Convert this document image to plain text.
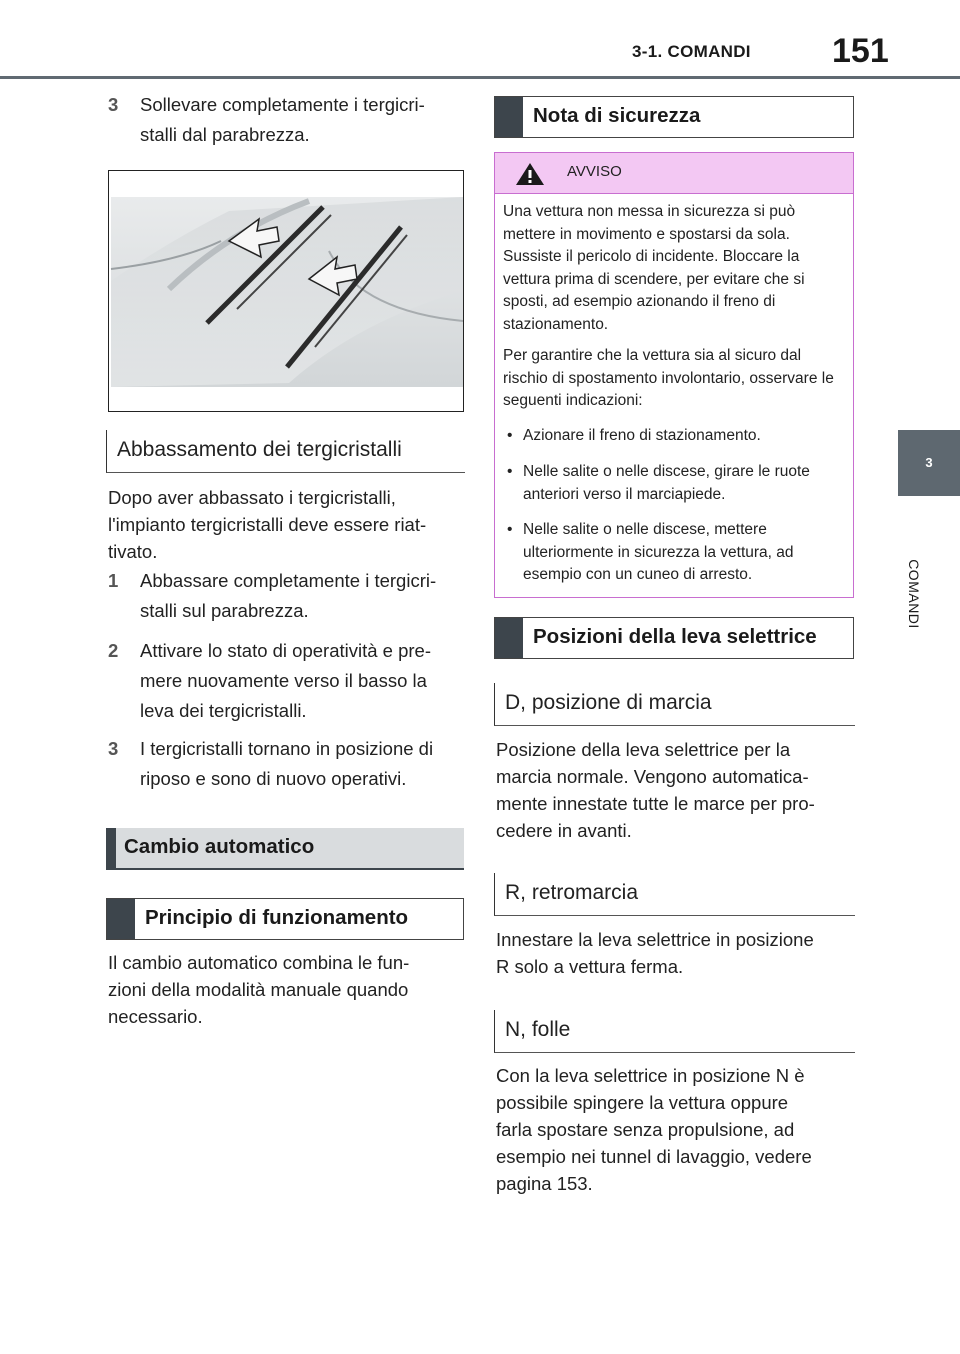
3-1. COMANDI 151
3
COMANDI
3 Sollevare completamente i tergicri-
stalli dal parabrezza.
Abbassamento dei tergicristalli
Dopo aver abbassato i tergicristalli,
l'impianto tergicristalli deve essere riat-
tivato.
1 Abbassare completamente i tergicri-
stalli sul parabrezza.
2 Attivare lo stato di operatività e pre-
mere nuovamente verso il basso la
leva dei tergicristalli.
3 I tergicristalli tornano in posizione di
riposo e sono di nuovo operativi.
Cambio automatico
Principio di funzionamento
Il cambio automatico combina le fun-
zioni della modalità manuale quando
necessario.
Nota di sicurezza
AVVISO
Una vettura non messa in sicurezza si può mettere in movimento e spostarsi da sola. Sussiste il pericolo di incidente. Bloccare la vettura prima di scendere, per evitare che si sposti, ad esempio azionando il freno di stazionamento.
Per garantire che la vettura sia al sicuro dal rischio di spostamento involontario, osservare le seguenti indicazioni:
• Azionare il freno di stazionamento.
• Nelle salite o nelle discese, girare le ruote anteriori verso il marciapiede.
• Nelle salite o nelle discese, mettere ulteriormente in sicurezza la vettura, ad esempio con un cuneo di arresto.
Posizioni della leva selettrice
D, posizione di marcia
Posizione della leva selettrice per la
marcia normale. Vengono automatica-
mente innestate tutte le marce per pro-
cedere in avanti.
R, retromarcia
Innestare la leva selettrice in posizione
R solo a vettura ferma.
N, folle
Con la leva selettrice in posizione N è
possibile spingere la vettura oppure
farla spostare senza propulsione, ad
esempio nei tunnel di lavaggio, vedere
pagina 153.
